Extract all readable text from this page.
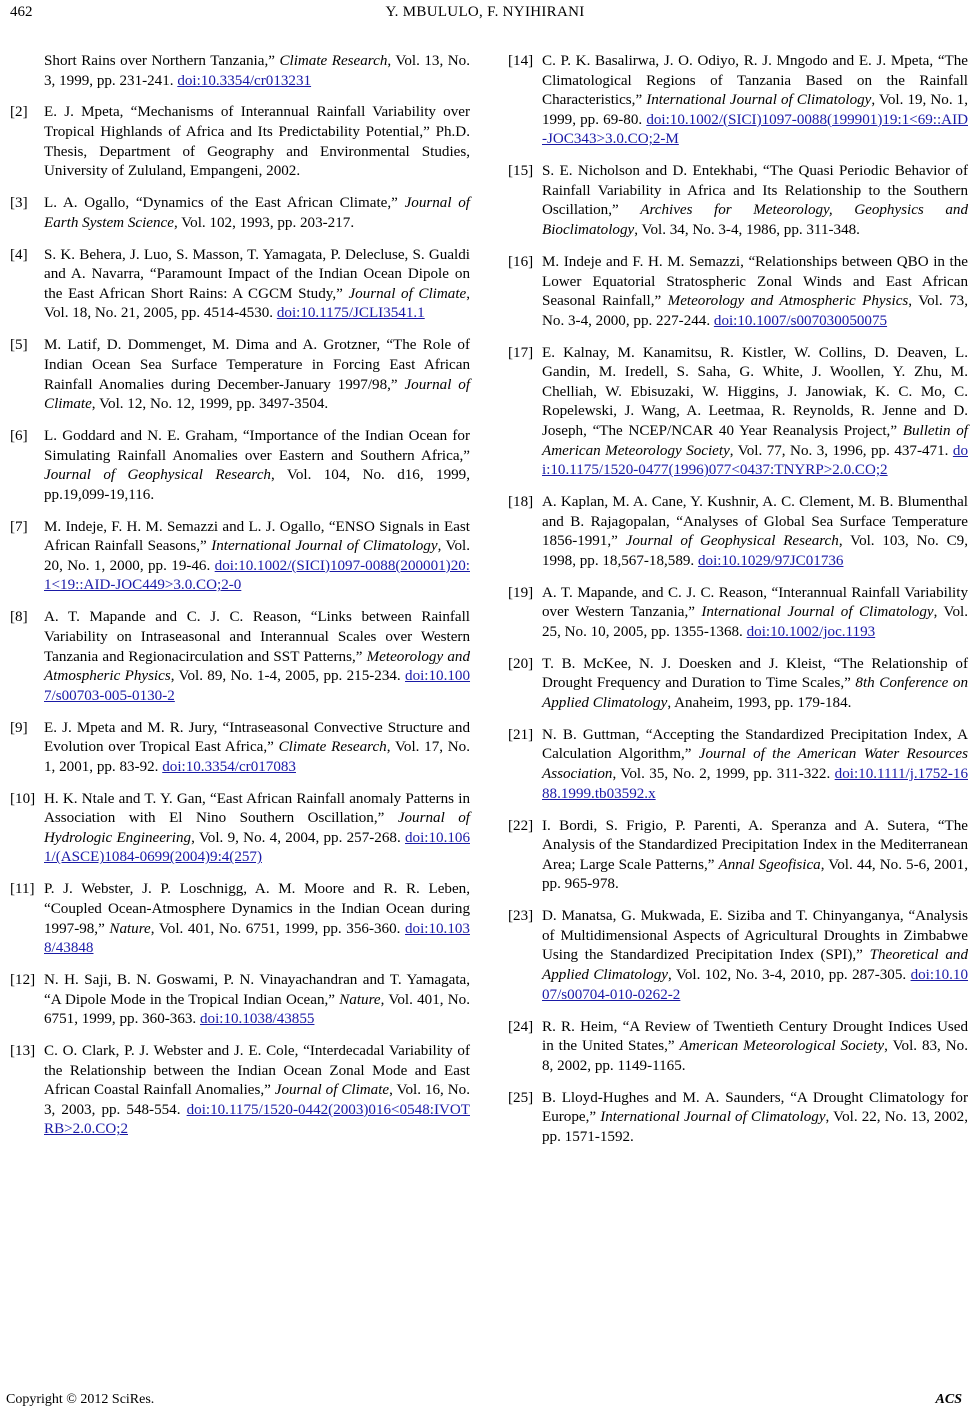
462	Y. MBULULO, F. NYIHIRANI
Short Rains over Northern Tanzania,” Climate Research, Vol. 13, No. 3, 1999, pp. 231-241. doi:10.3354/cr013231
[2] E. J. Mpeta, “Mechanisms of Interannual Rainfall Variability over Tropical Highlands of Africa and Its Predictability Potential,” Ph.D. Thesis, Department of Geography and Environmental Studies, University of Zululand, Empangeni, 2002.
[3] L. A. Ogallo, “Dynamics of the East African Climate,” Journal of Earth System Science, Vol. 102, 1993, pp. 203-217.
[4] S. K. Behera, J. Luo, S. Masson, T. Yamagata, P. Delecluse, S. Gualdi and A. Navarra, “Paramount Impact of the Indian Ocean Dipole on the East African Short Rains: A CGCM Study,” Journal of Climate, Vol. 18, No. 21, 2005, pp. 4514-4530. doi:10.1175/JCLI3541.1
[5] M. Latif, D. Dommenget, M. Dima and A. Grotzner, “The Role of Indian Ocean Sea Surface Temperature in Forcing East African Rainfall Anomalies during December-January 1997/98,” Journal of Climate, Vol. 12, No. 12, 1999, pp. 3497-3504.
[6] L. Goddard and N. E. Graham, “Importance of the Indian Ocean for Simulating Rainfall Anomalies over Eastern and Southern Africa,” Journal of Geophysical Research, Vol. 104, No. d16, 1999, pp.19,099-19,116.
[7] M. Indeje, F. H. M. Semazzi and L. J. Ogallo, “ENSO Signals in East African Rainfall Seasons,” International Journal of Climatology, Vol. 20, No. 1, 2000, pp. 19-46. doi:10.1002/(SICI)1097-0088(200001)20:1<19::AID-JOC449>3.0.CO;2-0
[8] A. T. Mapande and C. J. C. Reason, “Links between Rainfall Variability on Intraseasonal and Interannual Scales over Western Tanzania and Regionacirculation and SST Patterns,” Meteorology and Atmospheric Physics, Vol. 89, No. 1-4, 2005, pp. 215-234. doi:10.1007/s00703-005-0130-2
[9] E. J. Mpeta and M. R. Jury, “Intraseasonal Convective Structure and Evolution over Tropical East Africa,” Climate Research, Vol. 17, No. 1, 2001, pp. 83-92. doi:10.3354/cr017083
[10] H. K. Ntale and T. Y. Gan, “East African Rainfall anomaly Patterns in Association with El Nino Southern Oscillation,” Journal of Hydrologic Engineering, Vol. 9, No. 4, 2004, pp. 257-268. doi:10.1061/(ASCE)1084-0699(2004)9:4(257)
[11] P. J. Webster, J. P. Loschnigg, A. M. Moore and R. R. Leben, “Coupled Ocean-Atmosphere Dynamics in the Indian Ocean during 1997-98,” Nature, Vol. 401, No. 6751, 1999, pp. 356-360. doi:10.1038/43848
[12] N. H. Saji, B. N. Goswami, P. N. Vinayachandran and T. Yamagata, “A Dipole Mode in the Tropical Indian Ocean,” Nature, Vol. 401, No. 6751, 1999, pp. 360-363. doi:10.1038/43855
[13] C. O. Clark, P. J. Webster and J. E. Cole, “Interdecadal Variability of the Relationship between the Indian Ocean Zonal Mode and East African Coastal Rainfall Anomalies,” Journal of Climate, Vol. 16, No. 3, 2003, pp. 548-554. doi:10.1175/1520-0442(2003)016<0548:IVOTRB>2.0.CO;2
[14] C. P. K. Basalirwa, J. O. Odiyo, R. J. Mngodo and E. J. Mpeta, “The Climatological Regions of Tanzania Based on the Rainfall Characteristics,” International Journal of Climatology, Vol. 19, No. 1, 1999, pp. 69-80. doi:10.1002/(SICI)1097-0088(199901)19:1<69::AID-JOC343>3.0.CO;2-M
[15] S. E. Nicholson and D. Entekhabi, “The Quasi Periodic Behavior of Rainfall Variability in Africa and Its Relationship to the Southern Oscillation,” Archives for Meteorology, Geophysics and Bioclimatology, Vol. 34, No. 3-4, 1986, pp. 311-348.
[16] M. Indeje and F. H. M. Semazzi, “Relationships between QBO in the Lower Equatorial Stratospheric Zonal Winds and East African Seasonal Rainfall,” Meteorology and Atmospheric Physics, Vol. 73, No. 3-4, 2000, pp. 227-244. doi:10.1007/s007030050075
[17] E. Kalnay, M. Kanamitsu, R. Kistler, W. Collins, D. Deaven, L. Gandin, M. Iredell, S. Saha, G. White, J. Woollen, Y. Zhu, M. Chelliah, W. Ebisuzaki, W. Higgins, J. Janowiak, K. C. Mo, C. Ropelewski, J. Wang, A. Leetmaa, R. Reynolds, R. Jenne and D. Joseph, “The NCEP/NCAR 40 Year Reanalysis Project,” Bulletin of American Meteorology Society, Vol. 77, No. 3, 1996, pp. 437-471. doi:10.1175/1520-0477(1996)077<0437:TNYRP>2.0.CO;2
[18] A. Kaplan, M. A. Cane, Y. Kushnir, A. C. Clement, M. B. Blumenthal and B. Rajagopalan, “Analyses of Global Sea Surface Temperature 1856-1991,” Journal of Geophysical Research, Vol. 103, No. C9, 1998, pp. 18,567-18,589. doi:10.1029/97JC01736
[19] A. T. Mapande, and C. J. C. Reason, “Interannual Rainfall Variability over Western Tanzania,” International Journal of Climatology, Vol. 25, No. 10, 2005, pp. 1355-1368. doi:10.1002/joc.1193
[20] T. B. McKee, N. J. Doesken and J. Kleist, “The Relationship of Drought Frequency and Duration to Time Scales,” 8th Conference on Applied Climatology, Anaheim, 1993, pp. 179-184.
[21] N. B. Guttman, “Accepting the Standardized Precipitation Index, A Calculation Algorithm,” Journal of the American Water Resources Association, Vol. 35, No. 2, 1999, pp. 311-322. doi:10.1111/j.1752-1688.1999.tb03592.x
[22] I. Bordi, S. Frigio, P. Parenti, A. Speranza and A. Sutera, “The Analysis of the Standardized Precipitation Index in the Mediterranean Area; Large Scale Patterns,” Annal Sgeofisica, Vol. 44, No. 5-6, 2001, pp. 965-978.
[23] D. Manatsa, G. Mukwada, E. Siziba and T. Chinyanganya, “Analysis of Multidimensional Aspects of Agricultural Droughts in Zimbabwe Using the Standardized Precipitation Index (SPI),” Theoretical and Applied Climatology, Vol. 102, No. 3-4, 2010, pp. 287-305. doi:10.1007/s00704-010-0262-2
[24] R. R. Heim, “A Review of Twentieth Century Drought Indices Used in the United States,” American Meteorological Society, Vol. 83, No. 8, 2002, pp. 1149-1165.
[25] B. Lloyd-Hughes and M. A. Saunders, “A Drought Climatology for Europe,” International Journal of Climatology, Vol. 22, No. 13, 2002, pp. 1571-1592.
Copyright © 2012 SciRes.	ACS
